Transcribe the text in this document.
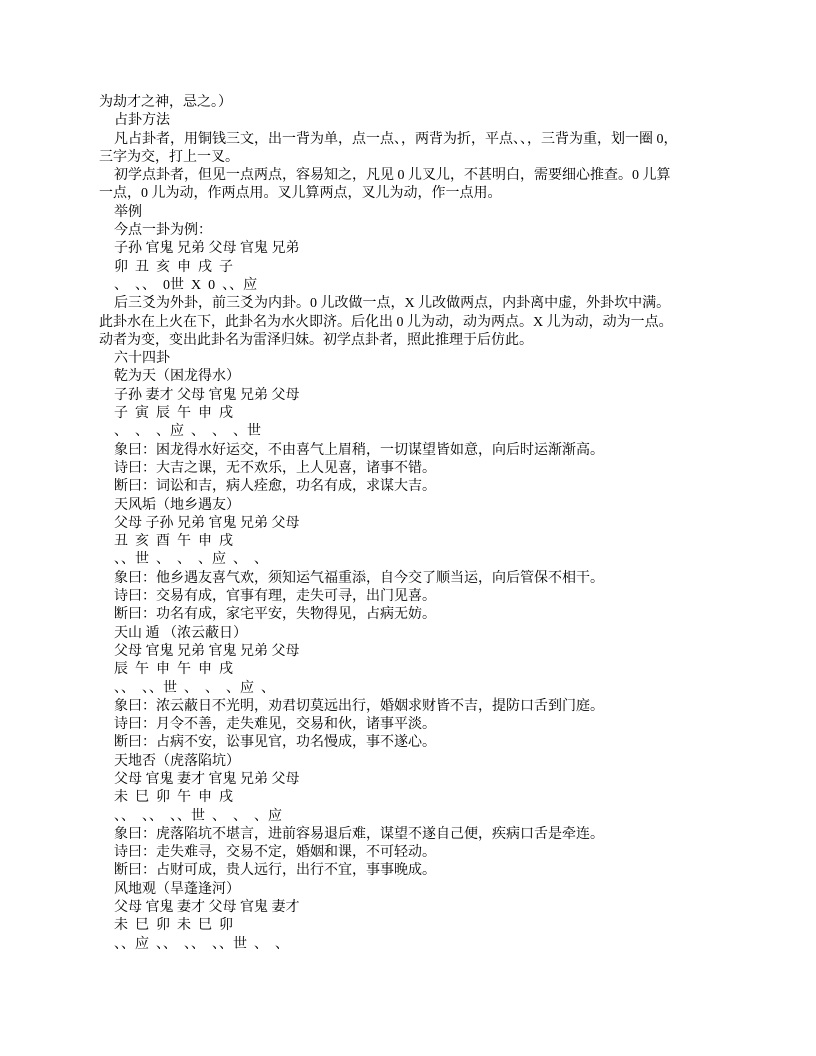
为劫才之神，忌之。）
占卦方法
凡占卦者，用铜钱三文，出一背为单，点一点、，两背为折，平点、、，三背为重，划一圈 0，
三字为交，打上一叉。
初学点卦者，但见一点两点，容易知之，凡见 0 儿叉儿，不甚明白，需要细心推查。0 儿算
一点，0 儿为动，作两点用。叉儿算两点，叉儿为动，作一点用。
举例
今点一卦为例：
子孙 官鬼 兄弟 父母 官鬼 兄弟
卯  丑  亥  申  戌  子
、  、、  0世  X  0  、、应
后三爻为外卦，前三爻为内卦。0 儿改做一点，X 儿改做两点，内卦离中虚，外卦坎中满。
此卦水在上火在下，此卦名为水火即济。后化出 0 儿为动，动为两点。X 儿为动，动为一点。
动者为变，变出此卦名为雷泽归妹。初学点卦者，照此推理于后仿此。
六十四卦
乾为天（困龙得水）
子孙 妻才 父母 官鬼 兄弟 父母
子  寅  辰  午  申  戌
、  、  、应  、  、  、世
象曰：困龙得水好运交，不由喜气上眉稍，一切谋望皆如意，向后时运渐渐高。
诗曰：大吉之课，无不欢乐，上人见喜，诸事不错。
断曰：词讼和吉，病人痊愈，功名有成，求谋大吉。
天风垢（地乡遇友）
父母 子孙 兄弟 官鬼 兄弟 父母
丑  亥  酉  午  申  戌
、、世  、  、  、应  、  、
象曰：他乡遇友喜气欢，须知运气福重添，自今交了顺当运，向后管保不相干。
诗曰：交易有成，官事有理，走失可寻，出门见喜。
断曰：功名有成，家宅平安，失物得见，占病无妨。
天山 遁 （浓云蔽日）
父母 官鬼 兄弟 官鬼 兄弟 父母
辰  午  申  午  申  戌
、、  、、世  、  、  、应  、
象曰：浓云蔽日不光明，劝君切莫远出行，婚姻求财皆不吉，提防口舌到门庭。
诗曰：月令不善，走失难见，交易和伙，诸事平淡。
断曰：占病不安，讼事见官，功名慢成，事不遂心。
天地否（虎落陷坑）
父母 官鬼 妻才 官鬼 兄弟 父母
未  巳  卯  午  申  戌
、、  、、  、、世  、  、  、应
象曰：虎落陷坑不堪言，进前容易退后难，谋望不遂自己便，疾病口舌是牵连。
诗曰：走失难寻，交易不定，婚姻和课，不可轻动。
断曰：占财可成，贵人远行，出行不宜，事事晚成。
风地观（旱蓬逢河）
父母 官鬼 妻才 父母 官鬼 妻才
未  巳  卯  未  巳  卯
、、应  、、  、、  、、世  、  、
